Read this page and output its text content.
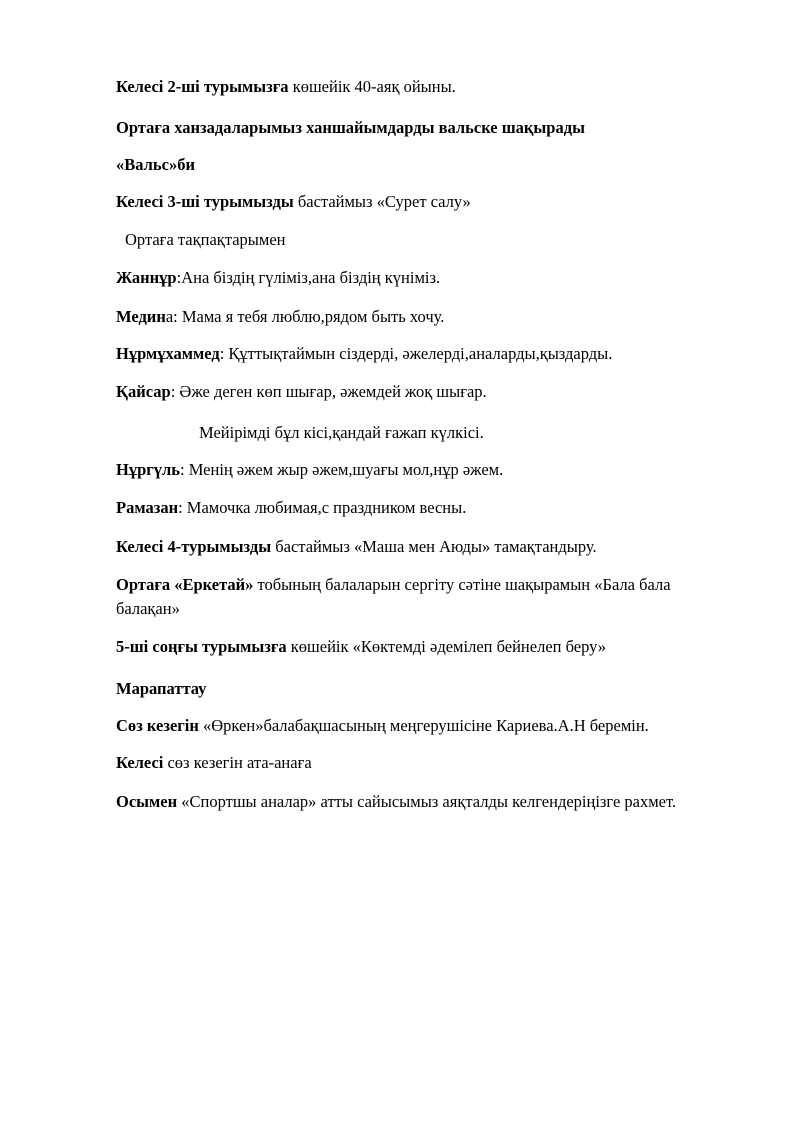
Келесі 2-ші турымызға көшейік 40-аяқ ойыны.
Ортаға ханзадаларымыз ханшайымдарды вальске шақырады
«Вальс»би
Келесі 3-ші турымызды бастаймыз «Сурет салу»
Ортаға тақпақтарымен
Жаннұр:Ана біздің гүліміз,ана біздің күніміз.
Медина: Мама я тебя люблю,рядом быть хочу.
Нұрмұхаммед: Құттықтаймын сіздерді, әжелерді,аналарды,қыздарды.
Қайсар: Әже деген көп шығар, әжемдей жоқ шығар.
Мейірімді бұл кісі,қандай ғажап күлкісі.
Нұргүль: Менің әжем жыр әжем,шуағы мол,нұр әжем.
Рамазан: Мамочка любимая,с праздником весны.
Келесі 4-турымызды бастаймыз «Маша мен Аюды» тамақтандыру.
Ортаға «Еркетай» тобының балаларын сергіту сәтіне шақырамын «Бала бала балақан»
5-ші соңғы турымызға көшейік «Көктемді әдемілеп бейнелеп беру»
Марапаттау
Сөз кезегін «Өркен»балабақшасының меңгерушісіне Кариева.А.Н беремін.
Келесі сөз кезегін ата-анаға
Осымен «Спортшы аналар» атты сайысымыз аяқталды келгендеріңізге рахмет.
